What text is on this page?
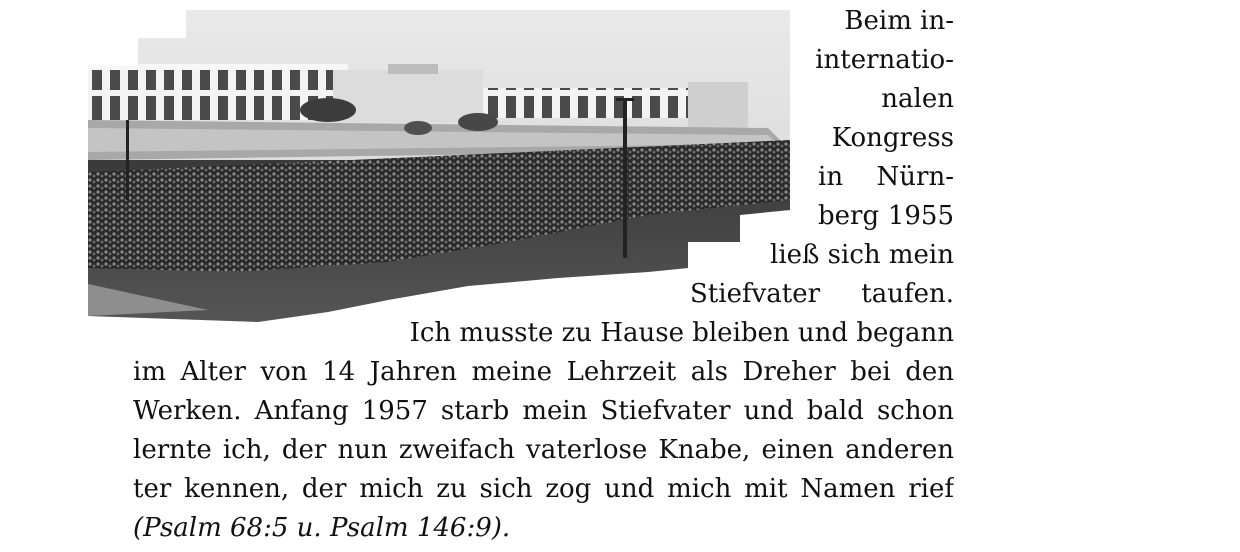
Beim in-
internatio-
nalen
Kongress
in Nürn-
berg 1955
ließ sich mein
Stiefvater taufen.
Ich musste zu Hause bleiben und begann
im Alter von 14 Jahren meine Lehrzeit als Dreher bei den
Werken. Anfang 1957 starb mein Stiefvater und bald schon
lernte ich, der nun zweifach vaterlose Knabe, einen anderen
ter kennen, der mich zu sich zog und mich mit Namen rief
(Psalm 68:5 u. Psalm 146:9).
